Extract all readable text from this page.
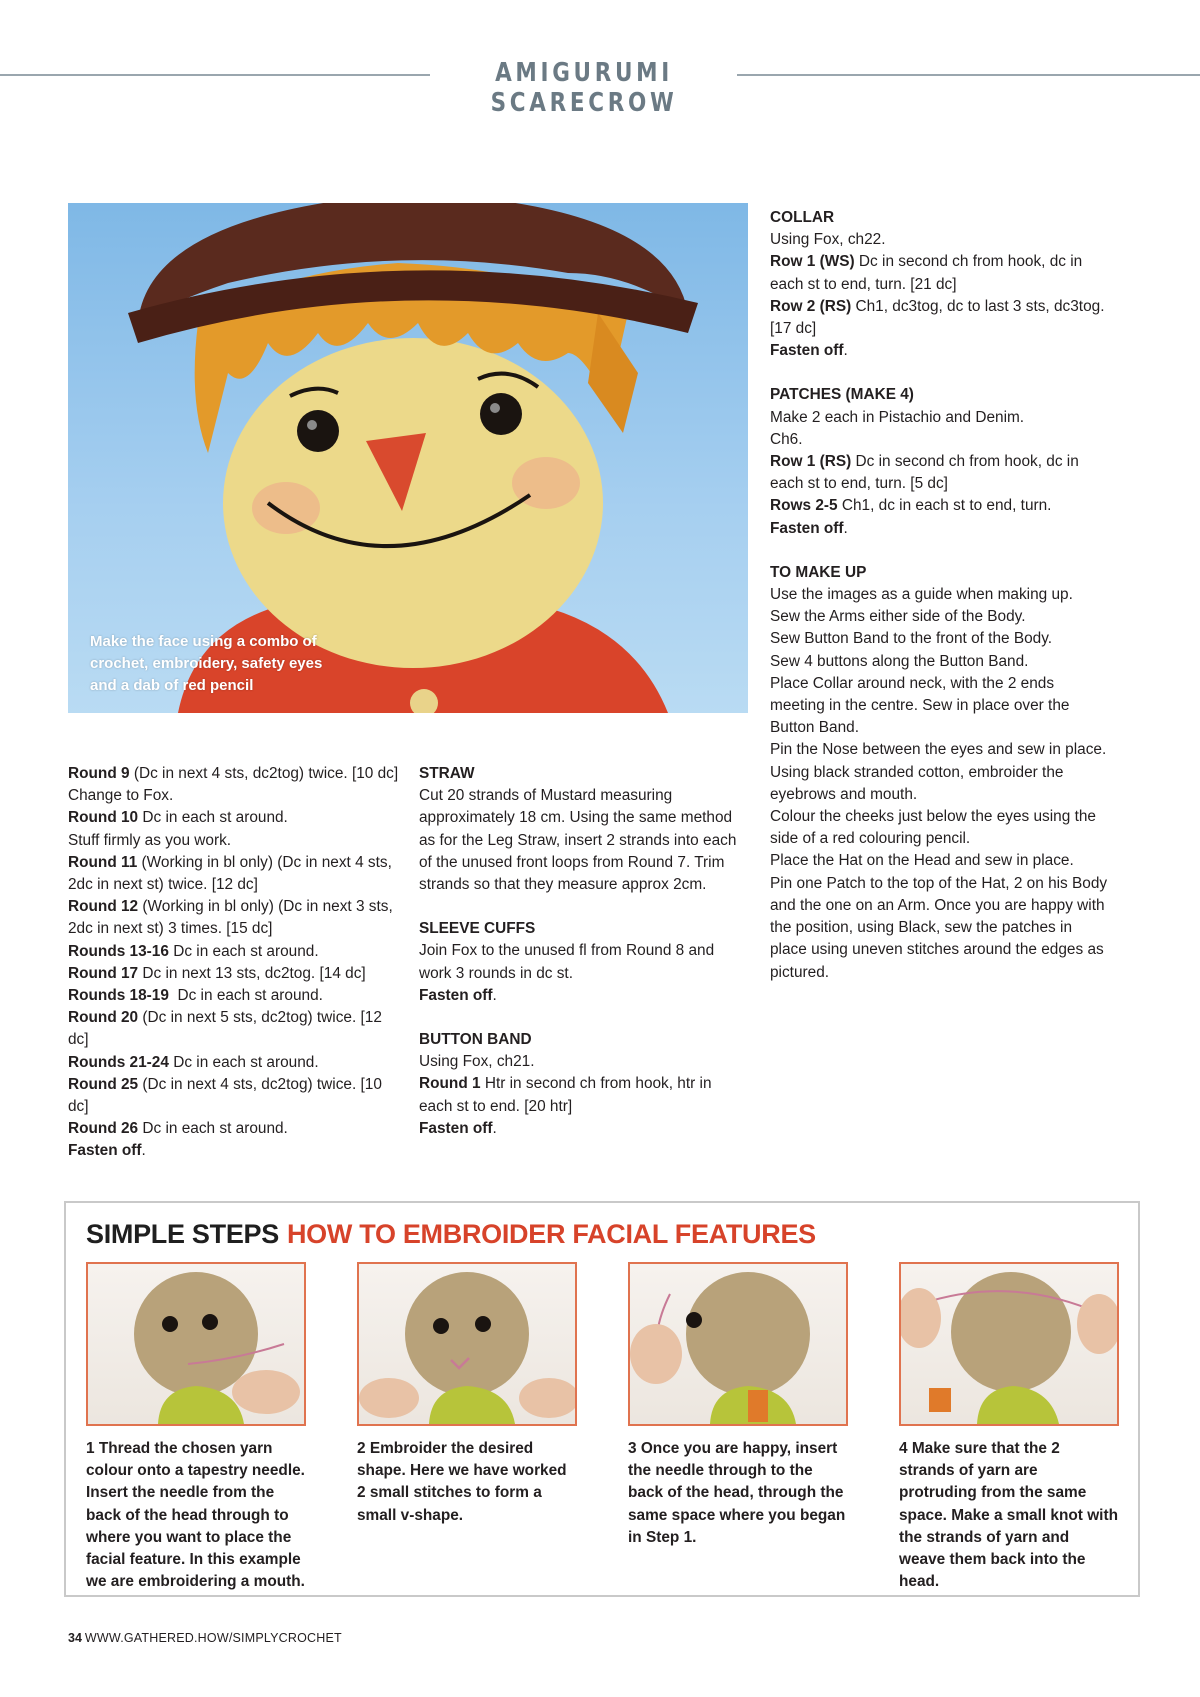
AMIGURUMI SCARECROW
Make the face using a combo of crochet, embroidery, safety eyes and a dab of red pencil

Round 9 (Dc in next 4 sts, dc2tog) twice. [10 dc]

Change to Fox.

Round 10 Dc in each st around.

Stuff firmly as you work.

Round 11 (Working in bl only) (Dc in next 4 sts, 2dc in next st) twice. [12 dc]

Round 12 (Working in bl only) (Dc in next 3 sts, 2dc in next st) 3 times. [15 dc]

Rounds 13-16 Dc in each st around.

Round 17 Dc in next 13 sts, dc2tog. [14 dc]

Rounds 18-19  Dc in each st around.

Round 20 (Dc in next 5 sts, dc2tog) twice. [12 dc]

Rounds 21-24 Dc in each st around.

Round 25 (Dc in next 4 sts, dc2tog) twice. [10 dc]

Round 26 Dc in each st around.

Fasten off.

STRAW

Cut 20 strands of Mustard measuring approximately 18 cm. Using the same method as for the Leg Straw, insert 2 strands into each of the unused front loops from Round 7. Trim strands so that they measure approx 2cm.

SLEEVE CUFFS

Join Fox to the unused fl from Round 8 and work 3 rounds in dc st.

Fasten off.

BUTTON BAND

Using Fox, ch21.

Round 1 Htr in second ch from hook, htr in each st to end. [20 htr]

Fasten off.

COLLAR

Using Fox, ch22.

Row 1 (WS) Dc in second ch from hook, dc in each st to end, turn. [21 dc]

Row 2 (RS) Ch1, dc3tog, dc to last 3 sts, dc3tog. [17 dc]

Fasten off.

PATCHES (MAKE 4)

Make 2 each in Pistachio and Denim.

Ch6.

Row 1 (RS) Dc in second ch from hook, dc in each st to end, turn. [5 dc]

Rows 2-5 Ch1, dc in each st to end, turn.

Fasten off.

TO MAKE UP

Use the images as a guide when making up.

Sew the Arms either side of the Body.

Sew Button Band to the front of the Body.

Sew 4 buttons along the Button Band.

Place Collar around neck, with the 2 ends meeting in the centre. Sew in place over the Button Band.

Pin the Nose between the eyes and sew in place.

Using black stranded cotton, embroider the eyebrows and mouth.

Colour the cheeks just below the eyes using the side of a red colouring pencil.

Place the Hat on the Head and sew in place.

Pin one Patch to the top of the Hat, 2 on his Body and the one on an Arm. Once you are happy with the position, using Black, sew the patches in place using uneven stitches around the edges as pictured.

SIMPLE STEPS HOW TO EMBROIDER FACIAL FEATURES
1 Thread the chosen yarn colour onto a tapestry needle. Insert the needle from the back of the head through to where you want to place the facial feature. In this example we are embroidering a mouth.
2 Embroider the desired shape. Here we have worked 2 small stitches to form a small v-shape.
3 Once you are happy, insert the needle through to the back of the head, through the same space where you began in Step 1.
4 Make sure that the 2 strands of yarn are protruding from the same space. Make a small knot with the strands of yarn and weave them back into the head.
34 WWW.GATHERED.HOW/SIMPLYCROCHET
